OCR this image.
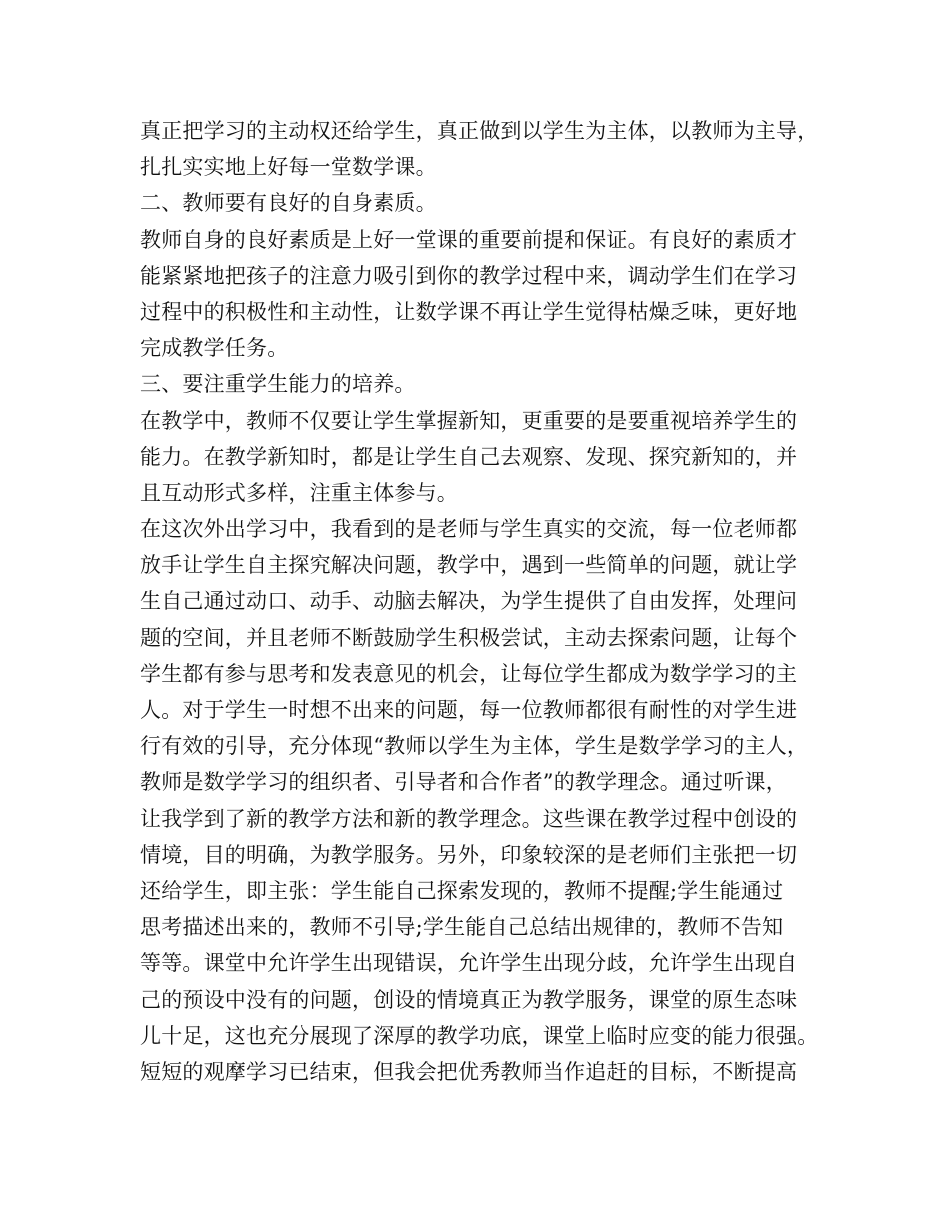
真正把学习的主动权还给学生，真正做到以学生为主体，以教师为主导，
扎扎实实地上好每一堂数学课。
二、教师要有良好的自身素质。
教师自身的良好素质是上好一堂课的重要前提和保证。有良好的素质才
能紧紧地把孩子的注意力吸引到你的教学过程中来，调动学生们在学习
过程中的积极性和主动性，让数学课不再让学生觉得枯燥乏味，更好地
完成教学任务。
三、要注重学生能力的培养。
在教学中，教师不仅要让学生掌握新知，更重要的是要重视培养学生的
能力。在教学新知时，都是让学生自己去观察、发现、探究新知的，并
且互动形式多样，注重主体参与。
在这次外出学习中，我看到的是老师与学生真实的交流，每一位老师都
放手让学生自主探究解决问题，教学中，遇到一些简单的问题，就让学
生自己通过动口、动手、动脑去解决，为学生提供了自由发挥，处理问
题的空间，并且老师不断鼓励学生积极尝试，主动去探索问题，让每个
学生都有参与思考和发表意见的机会，让每位学生都成为数学学习的主
人。对于学生一时想不出来的问题，每一位教师都很有耐性的对学生进
行有效的引导，充分体现“教师以学生为主体，学生是数学学习的主人，
教师是数学学习的组织者、引导者和合作者”的教学理念。通过听课，
让我学到了新的教学方法和新的教学理念。这些课在教学过程中创设的
情境，目的明确，为教学服务。另外，印象较深的是老师们主张把一切
还给学生，即主张：学生能自己探索发现的，教师不提醒;学生能通过
思考描述出来的，教师不引导;学生能自己总结出规律的，教师不告知
等等。课堂中允许学生出现错误，允许学生出现分歧，允许学生出现自
己的预设中没有的问题，创设的情境真正为教学服务，课堂的原生态味
儿十足，这也充分展现了深厚的教学功底，课堂上临时应变的能力很强。
短短的观摩学习已结束，但我会把优秀教师当作追赶的目标，不断提高
